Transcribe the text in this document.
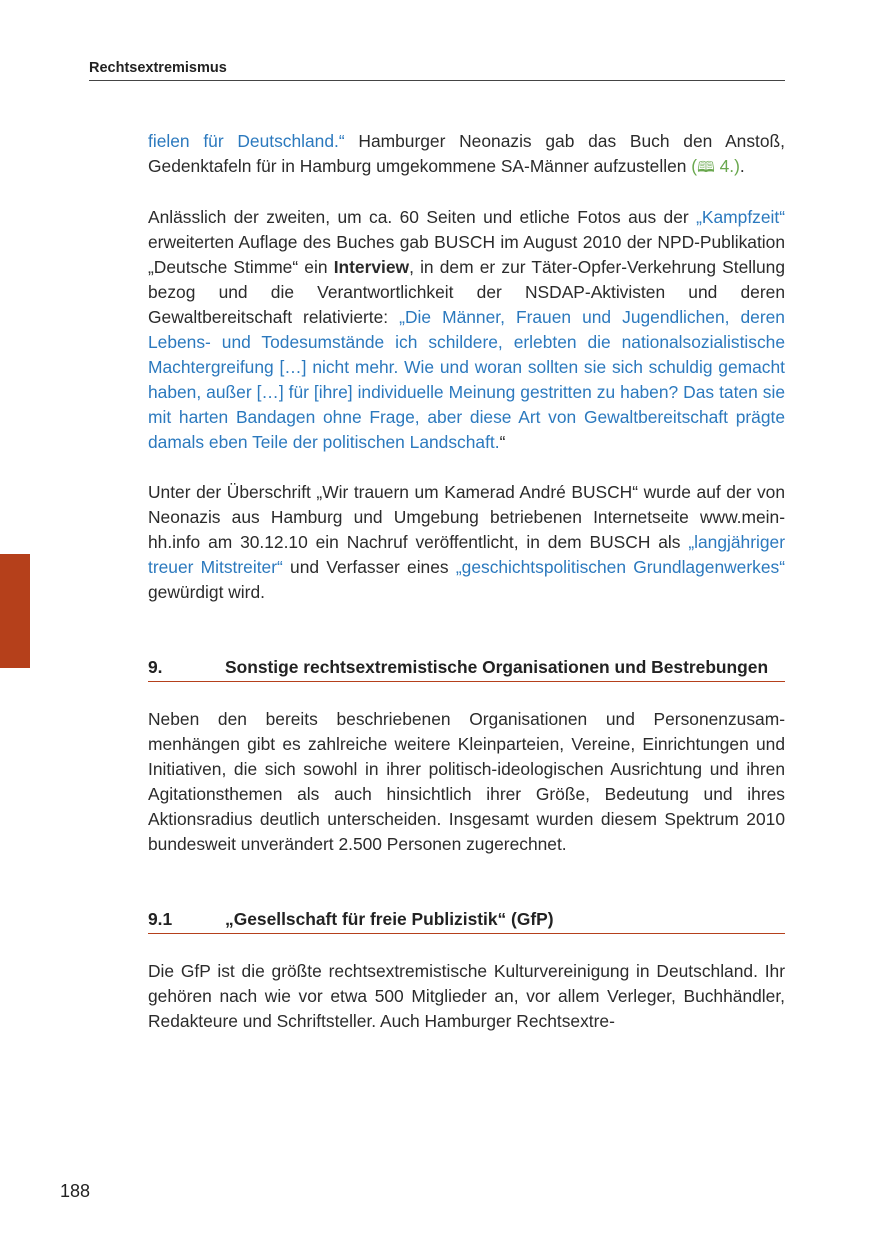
Rechtsextremismus

fielen für Deutschland.“ Hamburger Neonazis gab das Buch den Anstoß, Gedenktafeln für in Hamburg umgekommene SA-Männer aufzustellen (🕮 4.).

Anlässlich der zweiten, um ca. 60 Seiten und etliche Fotos aus der „Kampfzeit“ erweiterten Auflage des Buches gab BUSCH im August 2010 der NPD-Publikation „Deutsche Stimme“ ein Interview, in dem er zur Täter-Opfer-Verkehrung Stellung bezog und die Verantwortlichkeit der NSDAP-Aktivisten und deren Gewaltbereitschaft relativierte: „Die Männer, Frauen und Jugendlichen, deren Lebens- und Todesumstände ich schildere, erlebten die nationalsozialistische Machtergreifung […] nicht mehr. Wie und woran sollten sie sich schuldig gemacht haben, außer […] für [ihre] individuelle Meinung gestritten zu haben? Das taten sie mit harten Bandagen ohne Frage, aber diese Art von Gewaltbereitschaft prägte damals eben Teile der politischen Landschaft.“

Unter der Überschrift „Wir trauern um Kamerad André BUSCH“ wurde auf der von Neonazis aus Hamburg und Umgebung betriebenen Internetseite www.mein-hh.info am 30.12.10 ein Nachruf veröffentlicht, in dem BUSCH als „langjähriger treuer Mitstreiter“ und Verfasser eines „geschichtspolitischen Grundlagenwerkes“ gewürdigt wird.

9.	Sonstige rechtsextremistische Organisationen und Bestrebungen

Neben den bereits beschriebenen Organisationen und Personenzusammenhängen gibt es zahlreiche weitere Kleinparteien, Vereine, Einrichtungen und Initiativen, die sich sowohl in ihrer politisch-ideologischen Ausrichtung und ihren Agitationsthemen als auch hinsichtlich ihrer Größe, Bedeutung und ihres Aktionsradius deutlich unterscheiden. Insgesamt wurden diesem Spektrum 2010 bundesweit unverändert 2.500 Personen zugerechnet.

9.1	„Gesellschaft für freie Publizistik“ (GfP)

Die GfP ist die größte rechtsextremistische Kulturvereinigung in Deutschland. Ihr gehören nach wie vor etwa 500 Mitglieder an, vor allem Verleger, Buchhändler, Redakteure und Schriftsteller. Auch Hamburger Rechtsextre-

188
